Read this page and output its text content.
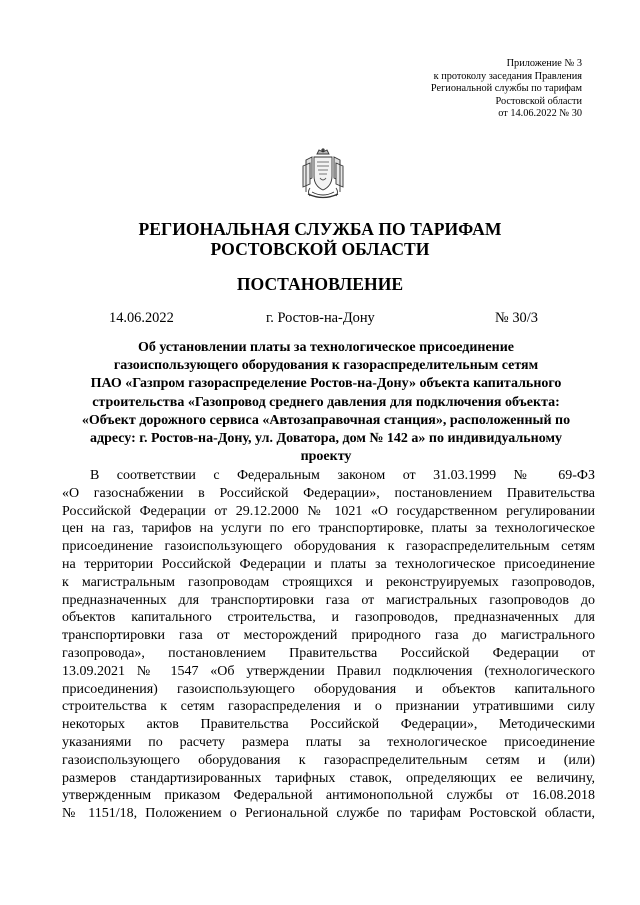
Приложение № 3
к протоколу заседания Правления
Региональной службы по тарифам
Ростовской области
от 14.06.2022 № 30
РЕГИОНАЛЬНАЯ СЛУЖБА ПО ТАРИФАМ
РОСТОВСКОЙ ОБЛАСТИ
ПОСТАНОВЛЕНИЕ
14.06.2022	г. Ростов-на-Дону	№ 30/3
Об установлении платы за технологическое присоединение
газоиспользующего оборудования к газораспределительным сетям
ПАО «Газпром газораспределение Ростов-на-Дону» объекта капитального
строительства «Газопровод среднего давления для подключения объекта:
«Объект дорожного сервиса «Автозаправочная станция», расположенный по
адресу: г. Ростов-на-Дону, ул. Доватора, дом № 142 а» по индивидуальному
проекту
В соответствии с Федеральным законом от 31.03.1999 № 69-ФЗ
«О газоснабжении в Российской Федерации», постановлением Правительства
Российской Федерации от 29.12.2000 № 1021 «О государственном регулировании
цен на газ, тарифов на услуги по его транспортировке, платы за технологическое
присоединение газоиспользующего оборудования к газораспределительным сетям
на территории Российской Федерации и платы за технологическое присоединение
к магистральным газопроводам строящихся и реконструируемых газопроводов,
предназначенных для транспортировки газа от магистральных газопроводов до
объектов капитального строительства, и газопроводов, предназначенных для
транспортировки газа от месторождений природного газа до магистрального
газопровода», постановлением Правительства Российской Федерации от
13.09.2021 № 1547 «Об утверждении Правил подключения (технологического
присоединения) газоиспользующего оборудования и объектов капитального
строительства к сетям газораспределения и о признании утратившими силу
некоторых актов Правительства Российской Федерации», Методическими
указаниями по расчету размера платы за технологическое присоединение
газоиспользующего оборудования к газораспределительным сетям и (или)
размеров стандартизированных тарифных ставок, определяющих ее величину,
утвержденным приказом Федеральной антимонопольной службы от 16.08.2018
№ 1151/18, Положением о Региональной службе по тарифам Ростовской области,
